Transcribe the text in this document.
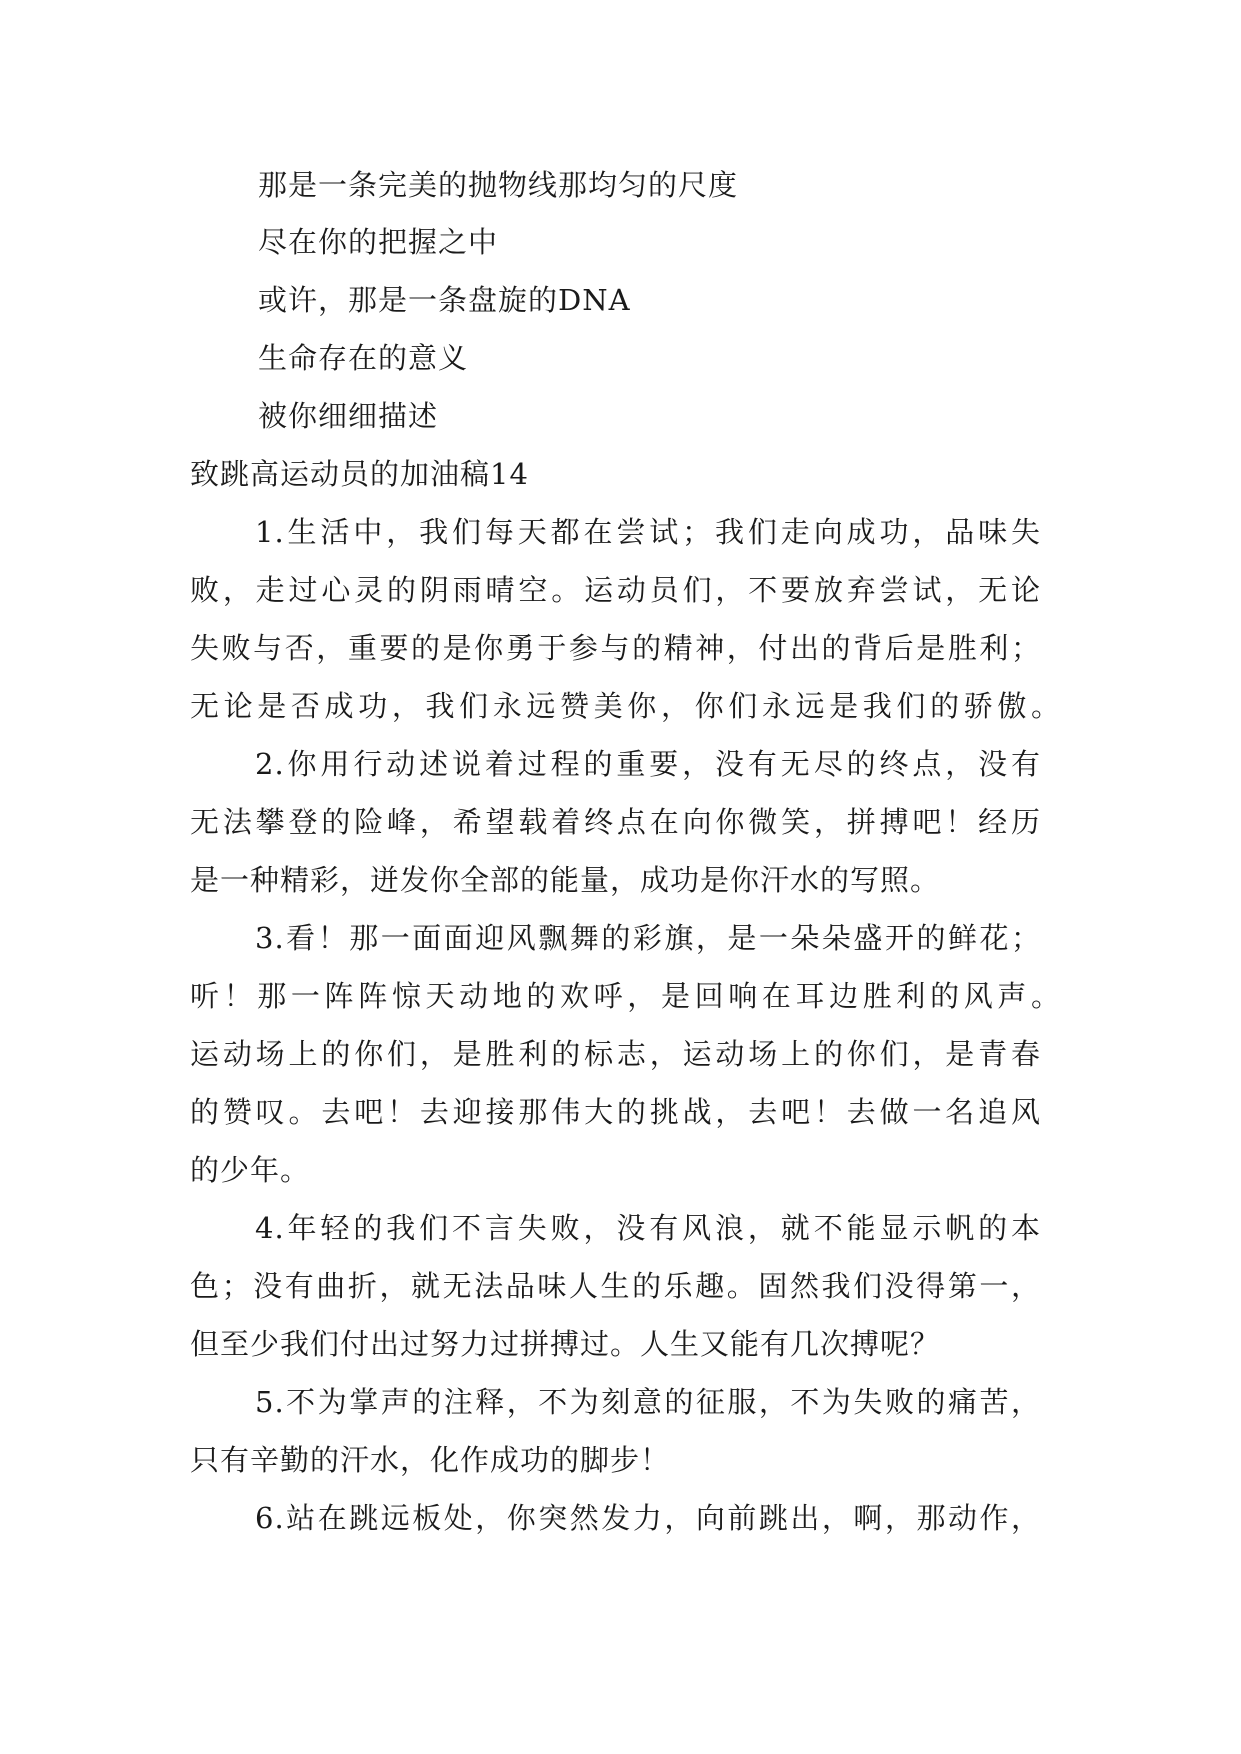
那是一条完美的抛物线那均匀的尺度
尽在你的把握之中
或许，那是一条盘旋的DNA
生命存在的意义
被你细细描述
致跳高运动员的加油稿14
1.生活中，我们每天都在尝试；我们走向成功，品味失
败，走过心灵的阴雨晴空。运动员们，不要放弃尝试，无论
失败与否，重要的是你勇于参与的精神，付出的背后是胜利；
无论是否成功，我们永远赞美你，你们永远是我们的骄傲。
2.你用行动述说着过程的重要，没有无尽的终点，没有
无法攀登的险峰，希望载着终点在向你微笑，拼搏吧！经历
是一种精彩，迸发你全部的能量，成功是你汗水的写照。
3.看！那一面面迎风飘舞的彩旗，是一朵朵盛开的鲜花；
听！那一阵阵惊天动地的欢呼，是回响在耳边胜利的风声。
运动场上的你们，是胜利的标志，运动场上的你们，是青春
的赞叹。去吧！去迎接那伟大的挑战，去吧！去做一名追风
的少年。
4.年轻的我们不言失败，没有风浪，就不能显示帆的本
色；没有曲折，就无法品味人生的乐趣。固然我们没得第一，
但至少我们付出过努力过拼搏过。人生又能有几次搏呢？
5.不为掌声的注释，不为刻意的征服，不为失败的痛苦，
只有辛勤的汗水，化作成功的脚步！
6.站在跳远板处，你突然发力，向前跳出，啊，那动作，
